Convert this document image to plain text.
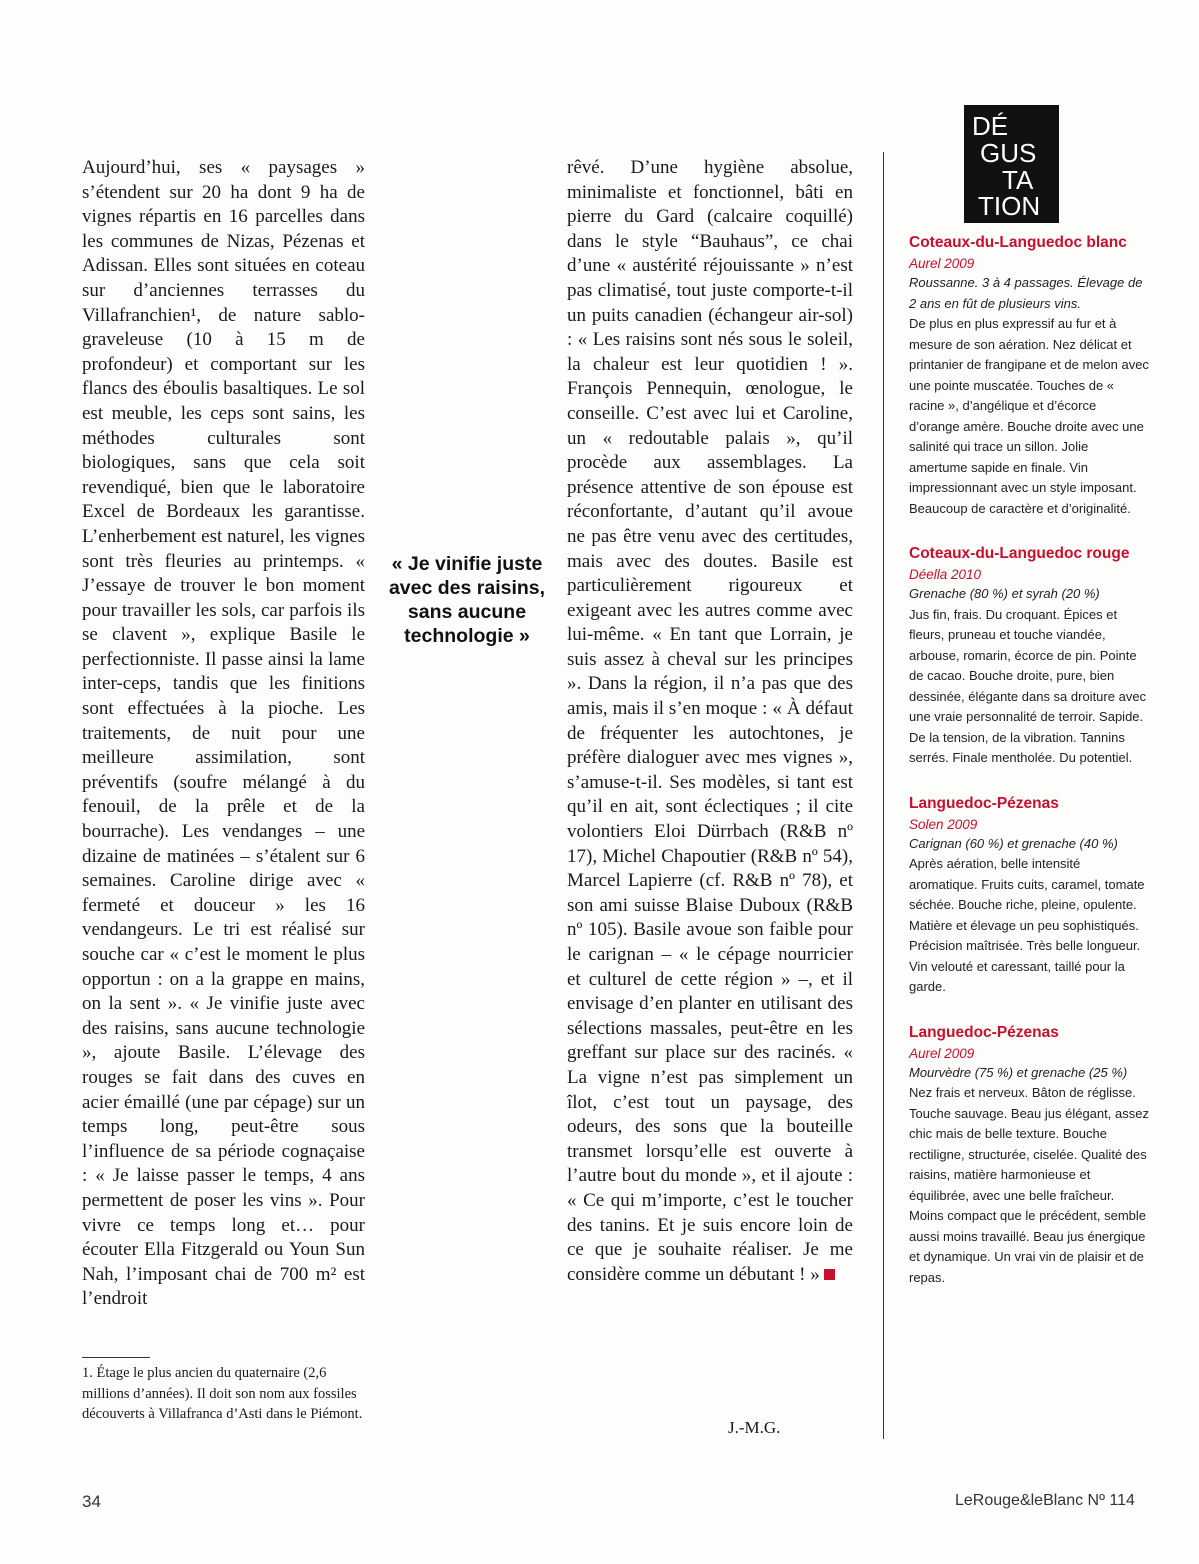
Aujourd’hui, ses « paysages » s’étendent sur 20 ha dont 9 ha de vignes répartis en 16 parcelles dans les communes de Nizas, Pézenas et Adissan. Elles sont situées en coteau sur d’anciennes terrasses du Villafranchien¹, de nature sablo-graveleuse (10 à 15 m de profondeur) et comportant sur les flancs des éboulis basaltiques. Le sol est meuble, les ceps sont sains, les méthodes culturales sont biologiques, sans que cela soit revendiqué, bien que le laboratoire Excel de Bordeaux les garantisse. L’enherbement est naturel, les vignes sont très fleuries au printemps. « J’essaye de trouver le bon moment pour travailler les sols, car parfois ils se clavent », explique Basile le perfectionniste. Il passe ainsi la lame inter-ceps, tandis que les finitions sont effectuées à la pioche. Les traitements, de nuit pour une meilleure assimilation, sont préventifs (soufre mélangé à du fenouil, de la prêle et de la bourrache). Les vendanges – une dizaine de matinées – s’étalent sur 6 semaines. Caroline dirige avec « fermeté et douceur » les 16 vendangeurs. Le tri est réalisé sur souche car « c’est le moment le plus opportun : on a la grappe en mains, on la sent ». « Je vinifie juste avec des raisins, sans aucune technologie », ajoute Basile. L’élevage des rouges se fait dans des cuves en acier émaillé (une par cépage) sur un temps long, peut-être sous l’influence de sa période cognaçaise : « Je laisse passer le temps, 4 ans permettent de poser les vins ». Pour vivre ce temps long et… pour écouter Ella Fitzgerald ou Youn Sun Nah, l’imposant chai de 700 m² est l’endroit

1. Étage le plus ancien du quaternaire (2,6 millions d’années). Il doit son nom aux fossiles découverts à Villafranca d’Asti dans le Piémont.
« Je vinifie juste avec des raisins, sans aucune technologie »

rêvé. D’une hygiène absolue, minimaliste et fonctionnel, bâti en pierre du Gard (calcaire coquillé) dans le style “Bauhaus”, ce chai d’une « austérité réjouissante » n’est pas climatisé, tout juste comporte-t-il un puits canadien (échangeur air-sol) : « Les raisins sont nés sous le soleil, la chaleur est leur quotidien ! ». François Pennequin, œnologue, le conseille. C’est avec lui et Caroline, un « redoutable palais », qu’il procède aux assemblages. La présence attentive de son épouse est réconfortante, d’autant qu’il avoue ne pas être venu avec des certitudes, mais avec des doutes. Basile est particulièrement rigoureux et exigeant avec les autres comme avec lui-même. « En tant que Lorrain, je suis assez à cheval sur les principes ». Dans la région, il n’a pas que des amis, mais il s’en moque : « À défaut de fréquenter les autochtones, je préfère dialoguer avec mes vignes », s’amuse-t-il. Ses modèles, si tant est qu’il en ait, sont éclectiques ; il cite volontiers Eloi Dürrbach (R&B nº 17), Michel Chapoutier (R&B nº 54), Marcel Lapierre (cf. R&B nº 78), et son ami suisse Blaise Duboux (R&B nº 105). Basile avoue son faible pour le carignan – « le cépage nourricier et culturel de cette région » –, et il envisage d’en planter en utilisant des sélections massales, peut-être en les greffant sur place sur des racinés. « La vigne n’est pas simplement un îlot, c’est tout un paysage, des odeurs, des sons que la bouteille transmet lorsqu’elle est ouverte à l’autre bout du monde », et il ajoute : « Ce qui m’importe, c’est le toucher des tanins. Et je suis encore loin de ce que je souhaite réaliser. Je me considère comme un débutant ! »

J.-M.G.
DÉ
GUS
TA
TION
Coteaux-du-Languedoc blanc
Aurel 2009
Roussanne. 3 à 4 passages. Élevage de 2 ans en fût de plusieurs vins.
De plus en plus expressif au fur et à mesure de son aération. Nez délicat et printanier de frangipane et de melon avec une pointe muscatée. Touches de « racine », d’angélique et d’écorce d’orange amère. Bouche droite avec une salinité qui trace un sillon. Jolie amertume sapide en finale. Vin impressionnant avec un style imposant. Beaucoup de caractère et d’originalité.
Coteaux-du-Languedoc rouge
Déella 2010
Grenache (80 %) et syrah (20 %)
Jus fin, frais. Du croquant. Épices et fleurs, pruneau et touche viandée, arbouse, romarin, écorce de pin. Pointe de cacao. Bouche droite, pure, bien dessinée, élégante dans sa droiture avec une vraie personnalité de terroir. Sapide. De la tension, de la vibration. Tannins serrés. Finale mentholée. Du potentiel.
Languedoc-Pézenas
Solen 2009
Carignan (60 %) et grenache (40 %)
Après aération, belle intensité aromatique. Fruits cuits, caramel, tomate séchée. Bouche riche, pleine, opulente. Matière et élevage un peu sophistiqués. Précision maîtrisée. Très belle longueur. Vin velouté et caressant, taillé pour la garde.
Languedoc-Pézenas
Aurel 2009
Mourvèdre (75 %) et grenache (25 %)
Nez frais et nerveux. Bâton de réglisse. Touche sauvage. Beau jus élégant, assez chic mais de belle texture. Bouche rectiligne, structurée, ciselée. Qualité des raisins, matière harmonieuse et équilibrée, avec une belle fraîcheur. Moins compact que le précédent, semble aussi moins travaillé. Beau jus énergique et dynamique. Un vrai vin de plaisir et de repas.
34	LeRouge&leBlanc Nº 114
